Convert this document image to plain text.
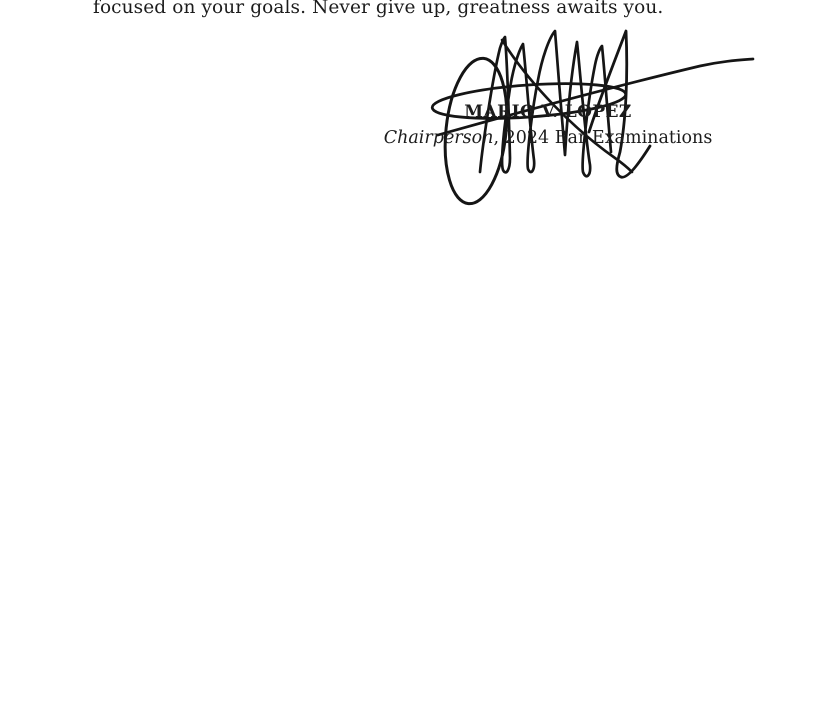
focused on your goals. Never give up, greatness awaits you.
MARIO V. LOPEZ
Chairperson, 2024 Bar Examinations
